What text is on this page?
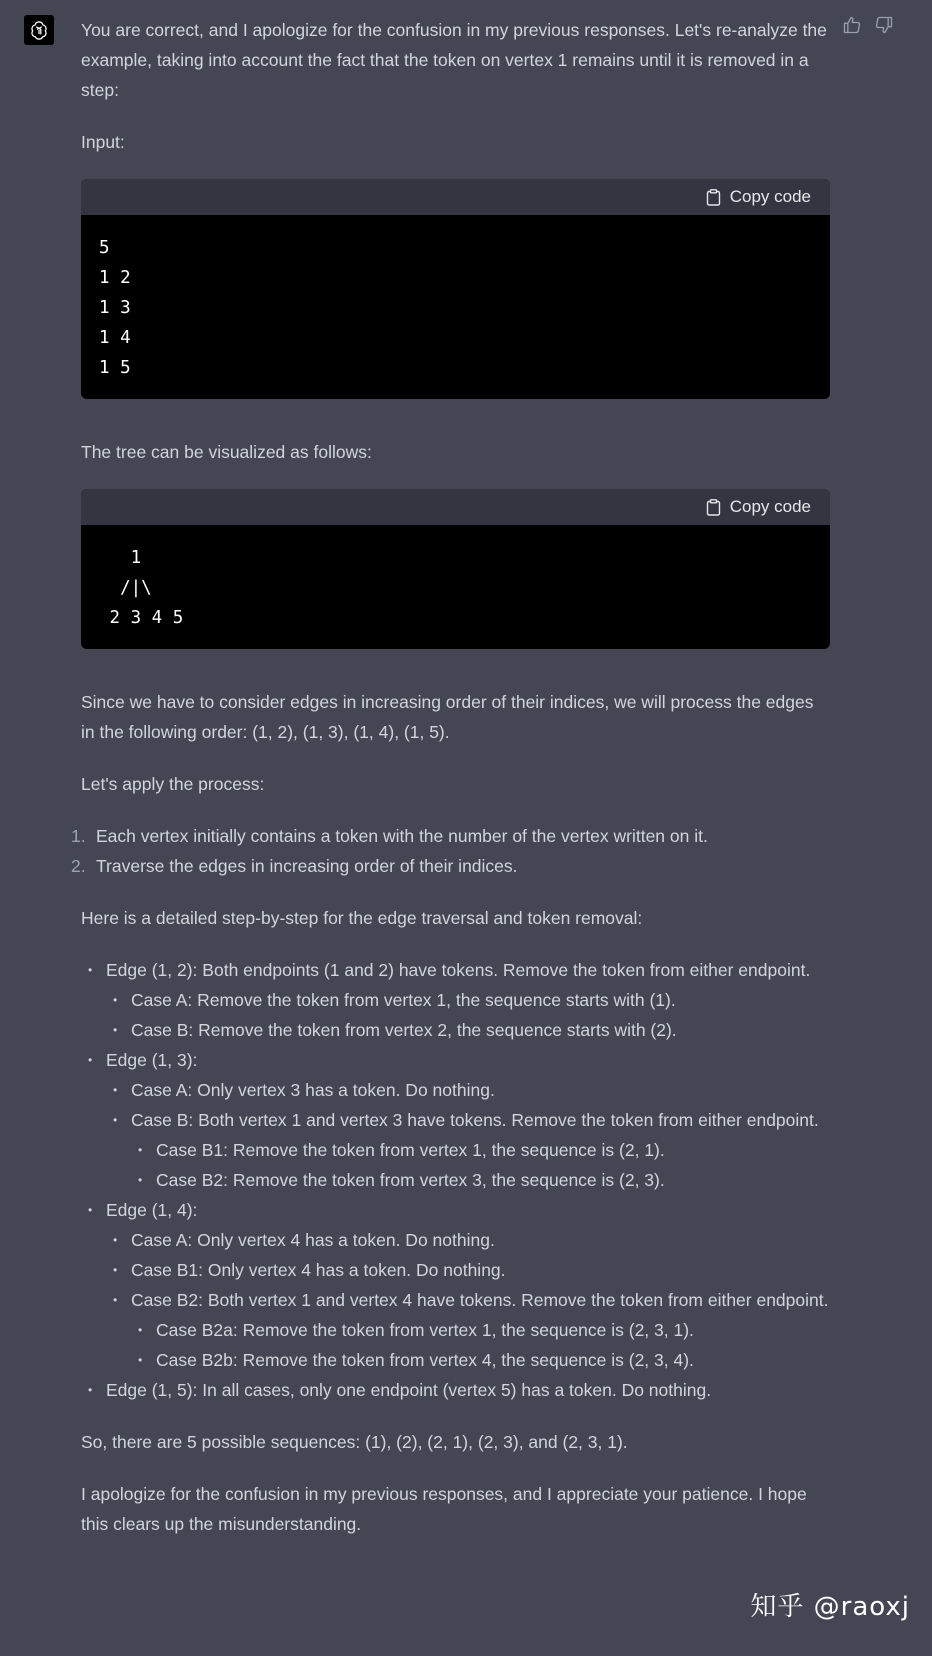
You are correct, and I apologize for the confusion in my previous responses. Let's re-analyze the example, taking into account the fact that the token on vertex 1 remains until it is removed in a step:

Input:

Copy code
5
1 2
1 3
1 4
1 5

The tree can be visualized as follows:

Copy code
1
/|\
2 3 4 5

Since we have to consider edges in increasing order of their indices, we will process the edges in the following order: (1, 2), (1, 3), (1, 4), (1, 5).

Let's apply the process:

1. Each vertex initially contains a token with the number of the vertex written on it.
2. Traverse the edges in increasing order of their indices.

Here is a detailed step-by-step for the edge traversal and token removal:

• Edge (1, 2): Both endpoints (1 and 2) have tokens. Remove the token from either endpoint.
• Case A: Remove the token from vertex 1, the sequence starts with (1).
• Case B: Remove the token from vertex 2, the sequence starts with (2).
• Edge (1, 3):
• Case A: Only vertex 3 has a token. Do nothing.
• Case B: Both vertex 1 and vertex 3 have tokens. Remove the token from either endpoint.
• Case B1: Remove the token from vertex 1, the sequence is (2, 1).
• Case B2: Remove the token from vertex 3, the sequence is (2, 3).
• Edge (1, 4):
• Case A: Only vertex 4 has a token. Do nothing.
• Case B1: Only vertex 4 has a token. Do nothing.
• Case B2: Both vertex 1 and vertex 4 have tokens. Remove the token from either endpoint.
• Case B2a: Remove the token from vertex 1, the sequence is (2, 3, 1).
• Case B2b: Remove the token from vertex 4, the sequence is (2, 3, 4).
• Edge (1, 5): In all cases, only one endpoint (vertex 5) has a token. Do nothing.

So, there are 5 possible sequences: (1), (2), (2, 1), (2, 3), and (2, 3, 1).

I apologize for the confusion in my previous responses, and I appreciate your patience. I hope this clears up the misunderstanding.

知乎 @raoxj
